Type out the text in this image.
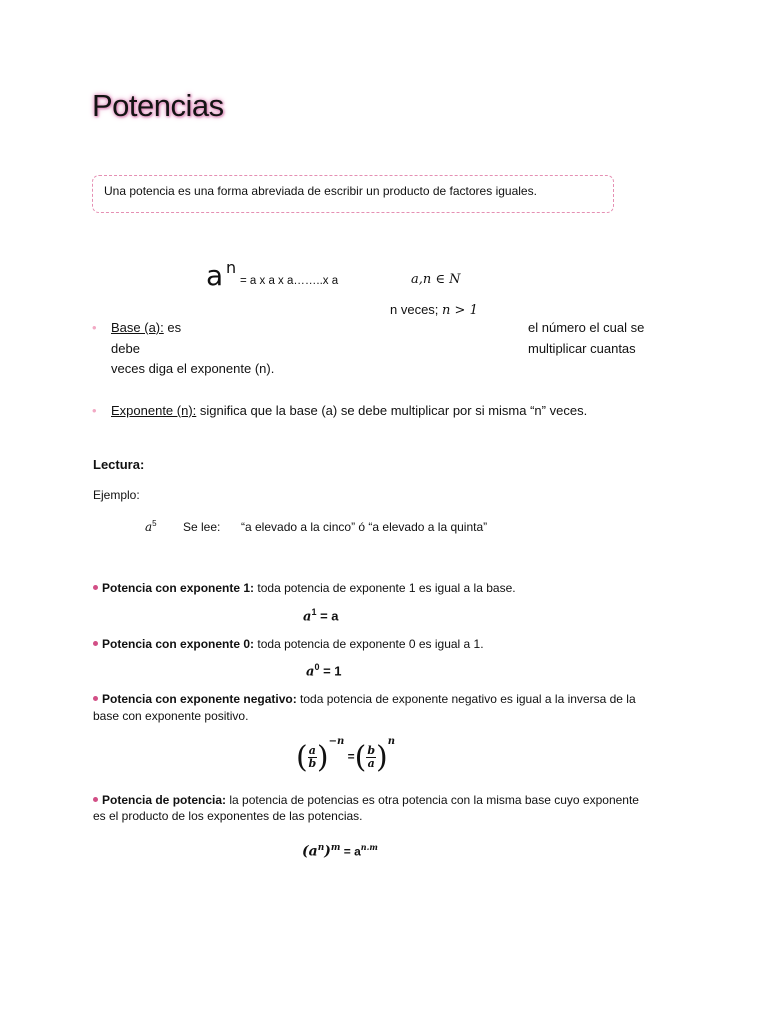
Potencias
Una potencia es una forma abreviada de escribir un producto de factores iguales.
a n
= a x a x a……..x a	a,n ∈ N
n veces; n > 1
• Base (a): es	el número el cual se
debe	multiplicar cuantas
veces diga el exponente (n).
• Exponente (n): significa que la base (a) se debe multiplicar por si misma “n” veces.
Lectura:
Ejemplo:
$a^5$ Se lee: “a elevado a la cinco” ó “a elevado a la quinta”
Potencia con exponente 1: toda potencia de exponente 1 es igual a la base.
$a^1 = a$
Potencia con exponente 0: toda potencia de exponente 0 es igual a 1.
$a^0 = 1$
Potencia con exponente negativo: toda potencia de exponente negativo es igual a la inversa de la
base con exponente positivo.
( $\frac{a}{b} )^{-n}$ =( $\frac{b}{a} )^n$
Potencia de potencia: la potencia de potencias es otra potencia con la misma base cuyo exponente
es el producto de los exponentes de las potencias.
$(a^n)^m = a^{n.m}$
